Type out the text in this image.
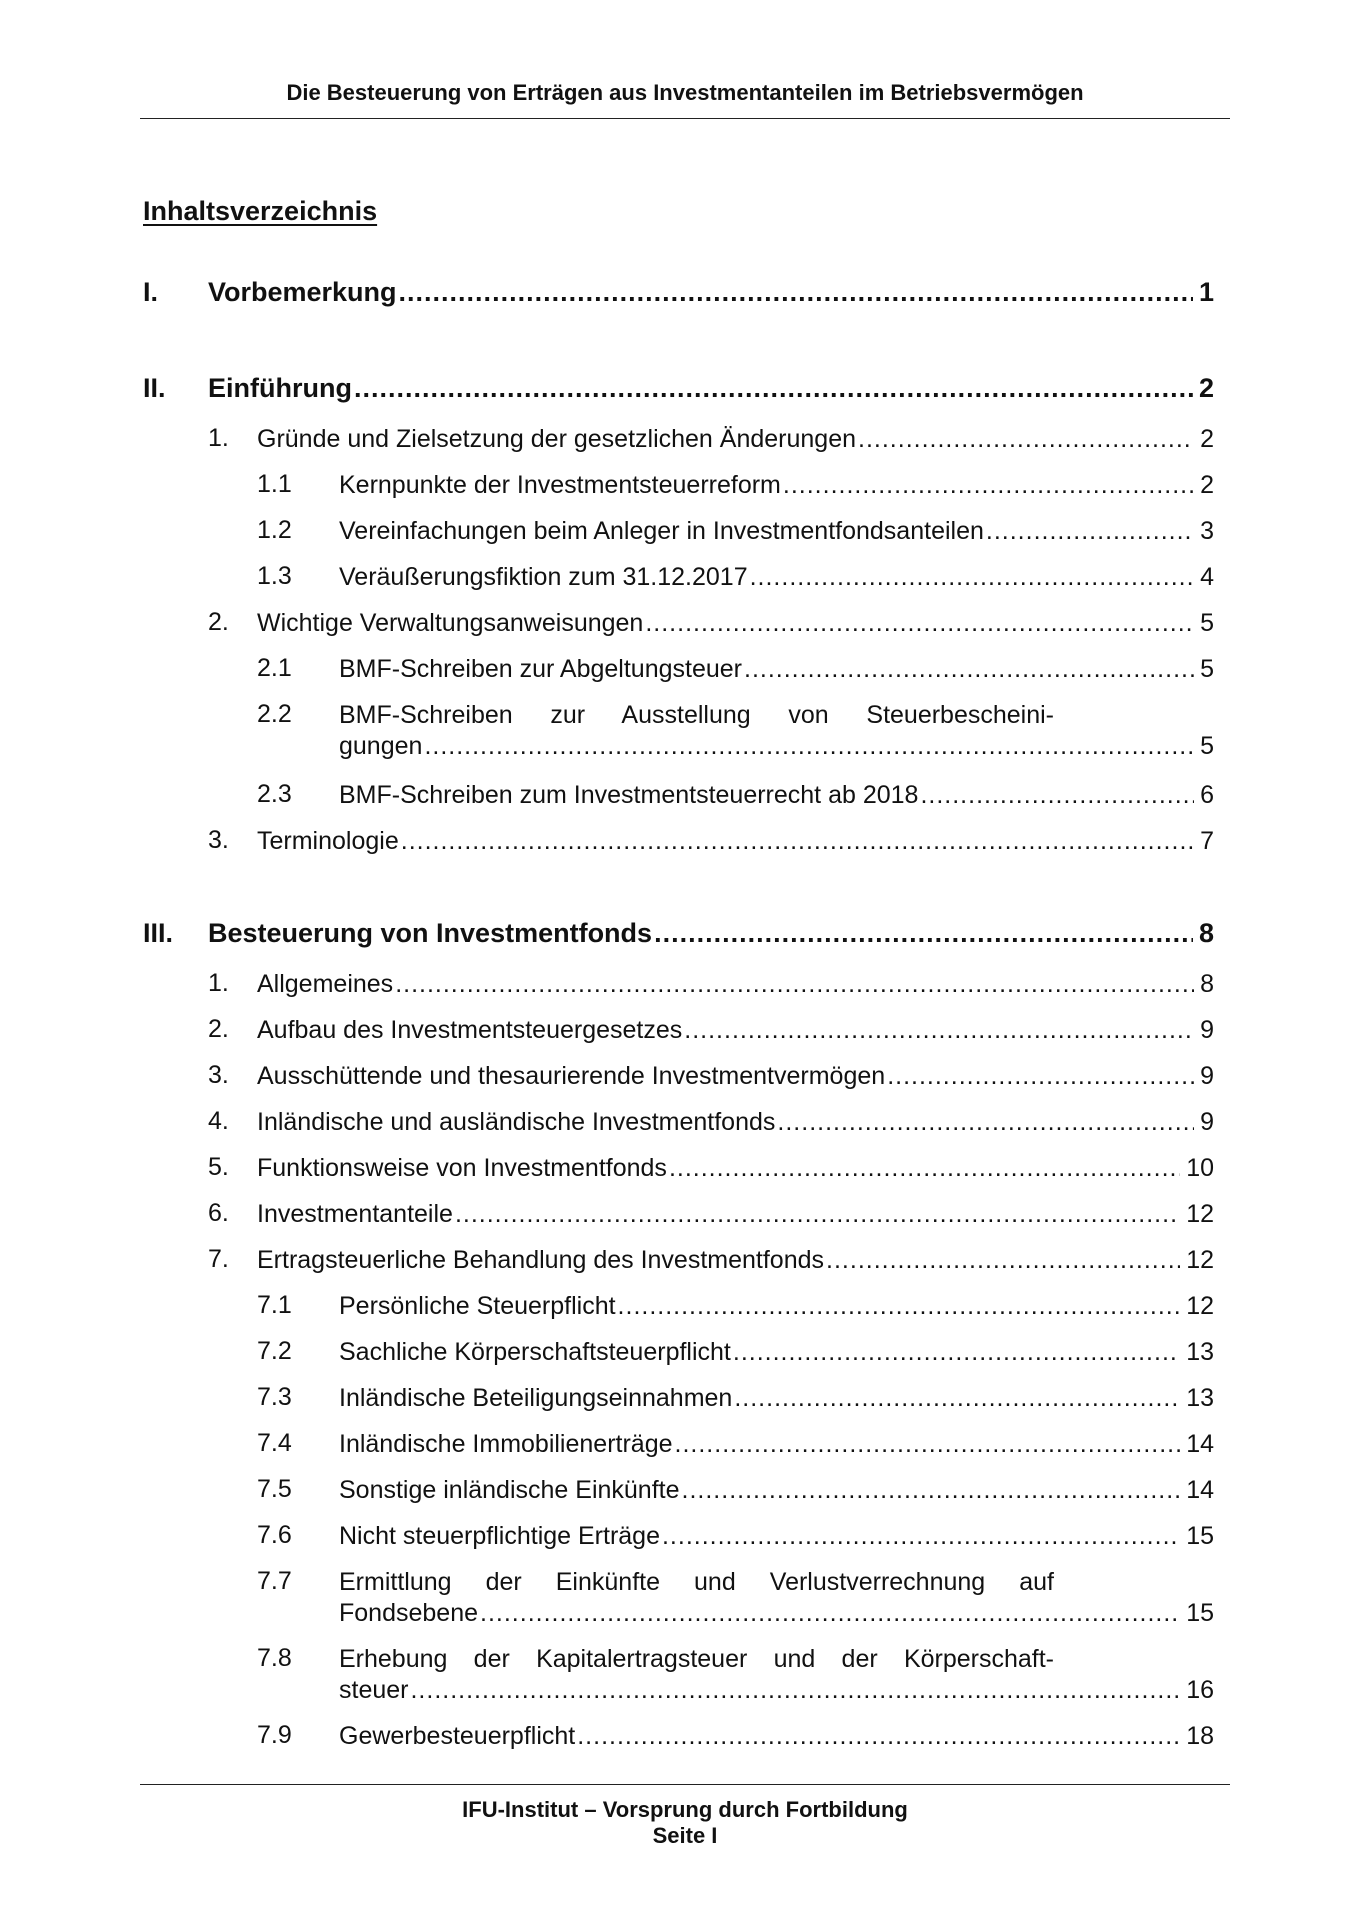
Die Besteuerung von Erträgen aus Investmentanteilen im Betriebsvermögen
Inhaltsverzeichnis
I. Vorbemerkung .....	1
II. Einführung .....	2
1. Gründe und Zielsetzung der gesetzlichen Änderungen .....	2
1.1 Kernpunkte der Investmentsteuerreform .....	2
1.2 Vereinfachungen beim Anleger in Investmentfondsanteilen .....	3
1.3 Veräußerungsfiktion zum 31.12.2017 .....	4
2. Wichtige Verwaltungsanweisungen .....	5
2.1 BMF-Schreiben zur Abgeltungsteuer .....	5
2.2 BMF-Schreiben zur Ausstellung von Steuerbescheini-
gungen .....	5
2.3 BMF-Schreiben zum Investmentsteuerrecht ab 2018 .....	6
3. Terminologie .....	7
III. Besteuerung von Investmentfonds .....	8
1. Allgemeines .....	8
2. Aufbau des Investmentsteuergesetzes .....	9
3. Ausschüttende und thesaurierende Investmentvermögen .....	9
4. Inländische und ausländische Investmentfonds .....	9
5. Funktionsweise von Investmentfonds .....	10
6. Investmentanteile .....	12
7. Ertragsteuerliche Behandlung des Investmentfonds .....	12
7.1 Persönliche Steuerpflicht .....	12
7.2 Sachliche Körperschaftsteuerpflicht .....	13
7.3 Inländische Beteiligungseinnahmen .....	13
7.4 Inländische Immobilienerträge .....	14
7.5 Sonstige inländische Einkünfte .....	14
7.6 Nicht steuerpflichtige Erträge .....	15
7.7 Ermittlung der Einkünfte und Verlustverrechnung auf
Fondsebene .....	15
7.8 Erhebung der Kapitalertragsteuer und der Körperschaft-
steuer .....	16
7.9 Gewerbesteuerpflicht .....	18
IFU-Institut – Vorsprung durch Fortbildung
Seite I
